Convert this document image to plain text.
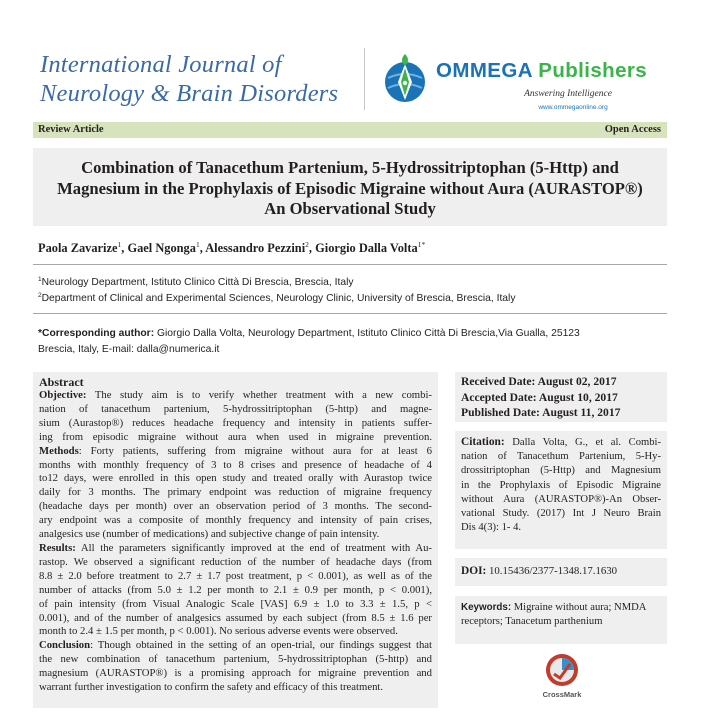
International Journal of
Neurology & Brain Disorders
OMMEGA Publishers
Answering Intelligence
www.ommegaonline.org
Review Article	Open Access
Combination of Tanacethum Partenium, 5-Hydrossitriptophan (5-Http) and
Magnesium in the Prophylaxis of Episodic Migraine without Aura (AURASTOP®)
An Observational Study
Paola Zavarize$^1$, Gael Ngonga$^1$, Alessandro Pezzini$^2$, Giorgio Dalla Volta$^{1*}$
$^1$Neurology Department, Istituto Clinico Città Di Brescia, Brescia, Italy
$^2$Department of Clinical and Experimental Sciences, Neurology Clinic, University of Brescia, Brescia, Italy
*Corresponding author: Giorgio Dalla Volta, Neurology Department, Istituto Clinico Città Di Brescia,Via Gualla, 25123
Brescia, Italy, E-mail: dalla@numerica.it
Abstract
Objective: The study aim is to verify whether treatment with a new combi-
nation of tanacethum partenium, 5-hydrossitriptophan (5-http) and magne-
sium (Aurastop®) reduces headache frequency and intensity in patients suffer-
ing from episodic migraine without aura when used in migraine prevention.
Methods: Forty patients, suffering from migraine without aura for at least 6
months with monthly frequency of 3 to 8 crises and presence of headache of 4
to12 days, were enrolled in this open study and treated orally with Aurastop twice
daily for 3 months. The primary endpoint was reduction of migraine frequency
(headache days per month) over an observation period of 3 months. The second-
ary endpoint was a composite of monthly frequency and intensity of pain crises,
analgesics use (number of medications) and subjective change of pain intensity.
Results: All the parameters significantly improved at the end of treatment with Au-
rastop. We observed a significant reduction of the number of headache days (from
8.8 ± 2.0 before treatment to 2.7 ± 1.7 post treatment, p < 0.001), as well as of the
number of attacks (from 5.0 ± 1.2 per month to 2.1 ± 0.9 per month, p < 0.001),
of pain intensity (from Visual Analogic Scale [VAS] 6.9 ± 1.0 to 3.3 ± 1.5, p <
0.001), and of the number of analgesics assumed by each subject (from 8.5 ± 1.6 per
month to 2.4 ± 1.5 per month, p < 0.001). No serious adverse events were observed.
Conclusion: Though obtained in the setting of an open-trial, our findings suggest that
the new combination of tanacethum partenium, 5-hydrossitriptophan (5-http) and
magnesium (AURASTOP®) is a promising approach for migraine prevention and
warrant further investigation to confirm the safety and efficacy of this treatment.
Received Date: August 02, 2017
Accepted Date: August 10, 2017
Published Date: August 11, 2017
Citation: Dalla Volta, G., et al. Combi-
nation of Tanacethum Partenium, 5-Hy-
drossitriptophan (5-Http) and Magnesium
in the Prophylaxis of Episodic Migraine
without Aura (AURASTOP®)-An Obser-
vational Study. (2017) Int J Neuro Brain
Dis 4(3): 1- 4.
DOI: 10.15436/2377-1348.17.1630
Keywords: Migraine without aura; NMDA
receptors; Tanacetum parthenium
CrossMark
